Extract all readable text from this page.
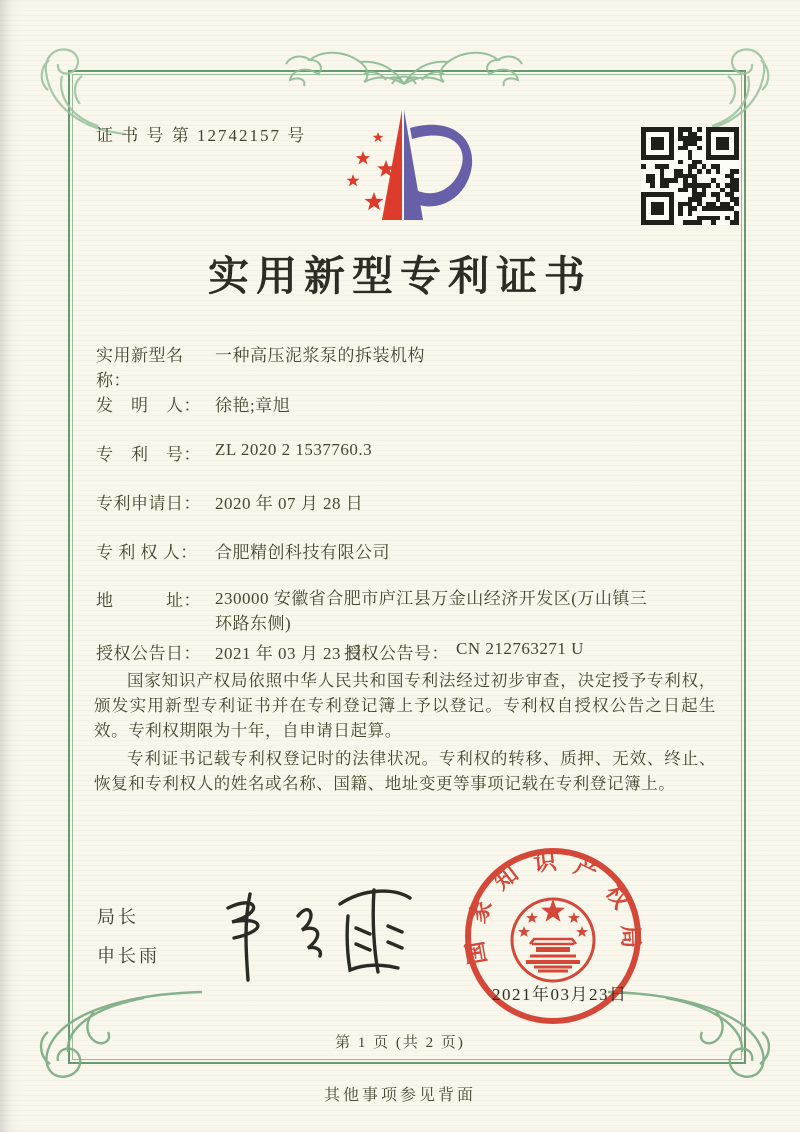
证 书 号 第 12742157 号
实用新型专利证书
实用新型名称：一种高压泥浆泵的拆装机构
发　明　人： 徐艳;章旭
专　利　号： ZL 2020 2 1537760.3
专利申请日： 2020 年 07 月 28 日
专 利 权 人： 合肥精创科技有限公司
地　　　址： 230000 安徽省合肥市庐江县万金山经济开发区(万山镇三环路东侧)
授权公告日： 2021 年 03 月 23 日
授权公告号： CN 212763271 U

国家知识产权局依照中华人民共和国专利法经过初步审查，决定授予专利权，颁发实用新型专利证书并在专利登记簿上予以登记。专利权自授权公告之日起生效。专利权期限为十年，自申请日起算。

专利证书记载专利权登记时的法律状况。专利权的转移、质押、无效、终止、恢复和专利权人的姓名或名称、国籍、地址变更等事项记载在专利登记簿上。

局长
申长雨	国家知识产权局
2021年03月23日
第 1 页 (共 2 页)
其他事项参见背面
